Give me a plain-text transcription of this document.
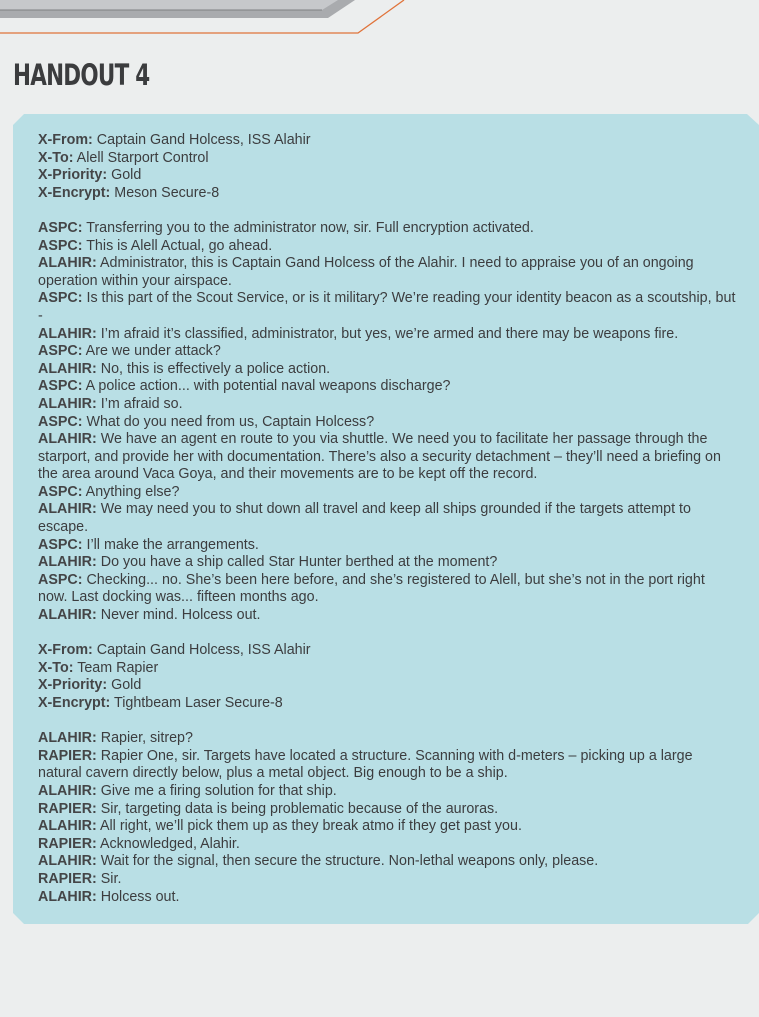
HANDOUT 4

X-From: Captain Gand Holcess, ISS Alahir

X-To: Alell Starport Control

X-Priority: Gold

X-Encrypt: Meson Secure-8

ASPC: Transferring you to the administrator now, sir. Full encryption activated.

ASPC: This is Alell Actual, go ahead.

ALAHIR: Administrator, this is Captain Gand Holcess of the Alahir. I need to appraise you of an ongoing operation within your airspace.

ASPC: Is this part of the Scout Service, or is it military? We’re reading your identity beacon as a scoutship, but -

ALAHIR: I’m afraid it’s classified, administrator, but yes, we’re armed and there may be weapons fire.

ASPC: Are we under attack?

ALAHIR: No, this is effectively a police action.

ASPC: A police action... with potential naval weapons discharge?

ALAHIR: I’m afraid so.

ASPC: What do you need from us, Captain Holcess?

ALAHIR: We have an agent en route to you via shuttle. We need you to facilitate her passage through the starport, and provide her with documentation. There’s also a security detachment – they’ll need a briefing on the area around Vaca Goya, and their movements are to be kept off the record.

ASPC: Anything else?

ALAHIR: We may need you to shut down all travel and keep all ships grounded if the targets attempt to escape.

ASPC: I’ll make the arrangements.

ALAHIR: Do you have a ship called Star Hunter berthed at the moment?

ASPC: Checking... no. She’s been here before, and she’s registered to Alell, but she’s not in the port right now. Last docking was... fifteen months ago.

ALAHIR: Never mind. Holcess out.

X-From: Captain Gand Holcess, ISS Alahir

X-To: Team Rapier

X-Priority: Gold

X-Encrypt: Tightbeam Laser Secure-8

ALAHIR: Rapier, sitrep?

RAPIER: Rapier One, sir. Targets have located a structure. Scanning with d-meters – picking up a large natural cavern directly below, plus a metal object. Big enough to be a ship.

ALAHIR: Give me a firing solution for that ship.

RAPIER: Sir, targeting data is being problematic because of the auroras.

ALAHIR: All right, we’ll pick them up as they break atmo if they get past you.

RAPIER: Acknowledged, Alahir.

ALAHIR: Wait for the signal, then secure the structure. Non-lethal weapons only, please.

RAPIER: Sir.

ALAHIR: Holcess out.
